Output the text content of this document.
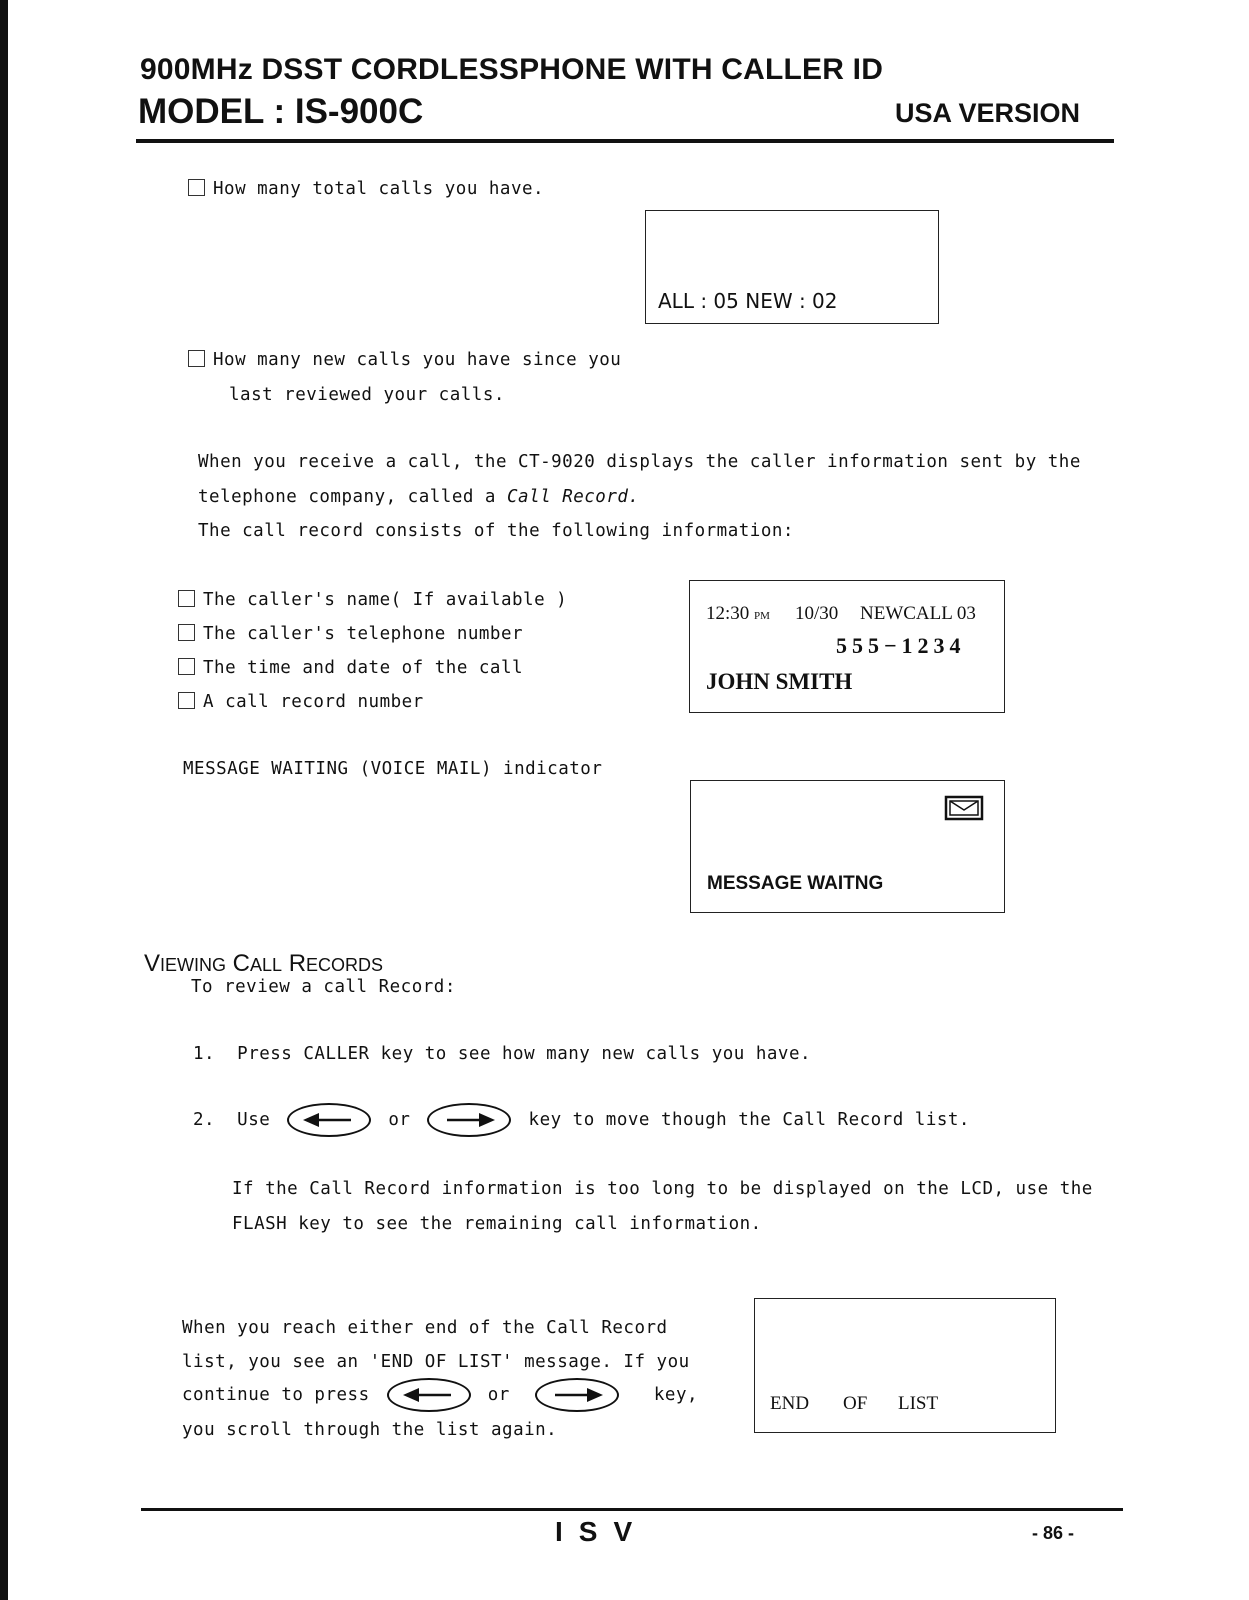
900MHz DSST CORDLESSPHONE WITH CALLER ID
MODEL : IS-900C	USA VERSION
How many total calls you have.
ALL : 05 NEW : 02
How many new calls you have since you
last reviewed your calls.
When you receive a call, the CT-9020 displays the caller information sent by the
telephone company, called a Call Record.
The call record consists of the following information:
The caller's name( If available )
The caller's telephone number
The time and date of the call
A call record number
12:30 PM 10/30 NEWCALL 03
555−1234
JOHN SMITH
MESSAGE WAITING (VOICE MAIL) indicator
MESSAGE WAITNG
VIEWING CALL RECORDS
To review a call Record:
1. Press CALLER key to see how many new calls you have.
2. Use	or	key to move though the Call Record list.
If the Call Record information is too long to be displayed on the LCD, use the
FLASH key to see the remaining call information.
When you reach either end of the Call Record
list, you see an 'END OF LIST' message. If you
continue to press	or	key,
you scroll through the list again.
END OF LIST
ISV	- 86 -
